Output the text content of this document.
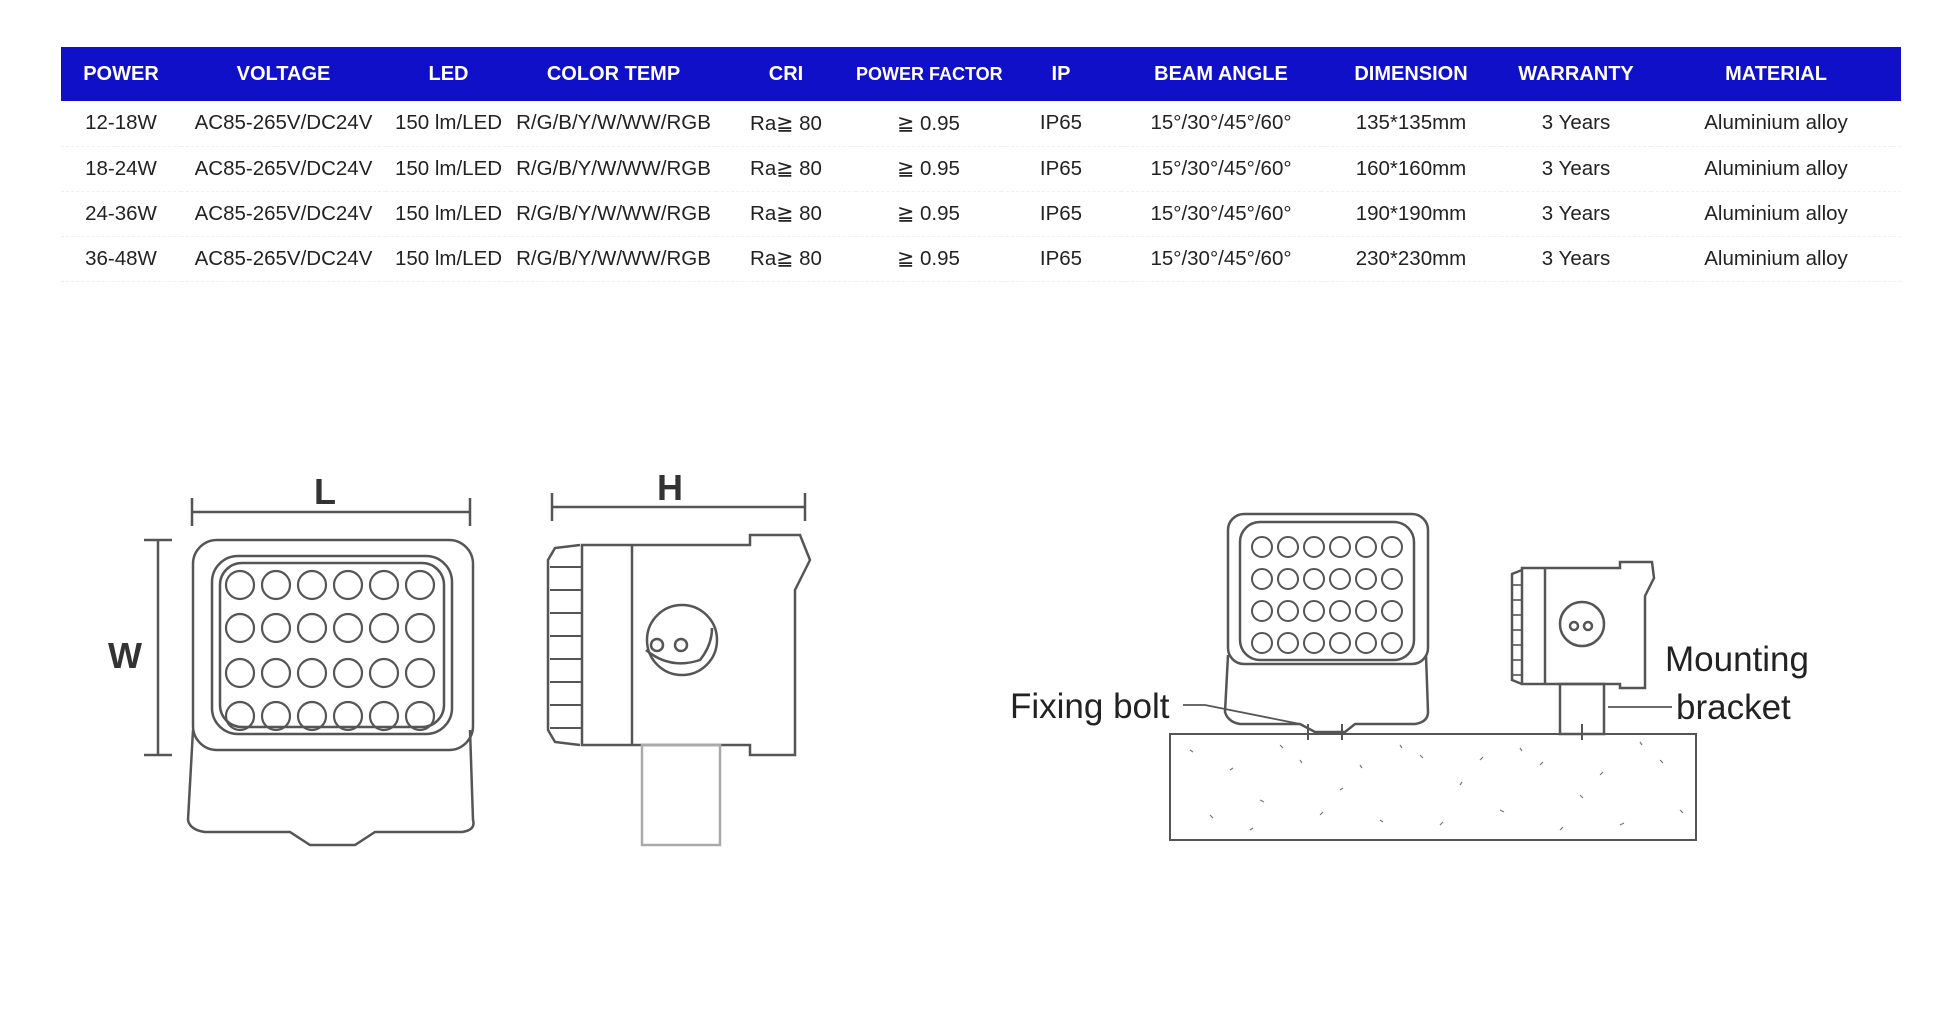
POWER	VOLTAGE	LED	COLOR TEMP	CRI	POWER FACTOR	IP	BEAM ANGLE	DIMENSION	WARRANTY	MATERIAL
12-18W	AC85-265V/DC24V	150 lm/LED	R/G/B/Y/W/WW/RGB	Ra≧ 80	≧ 0.95	IP65	15°/30°/45°/60°	135*135mm	3 Years	Aluminium alloy
18-24W	AC85-265V/DC24V	150 lm/LED	R/G/B/Y/W/WW/RGB	Ra≧ 80	≧ 0.95	IP65	15°/30°/45°/60°	160*160mm	3 Years	Aluminium alloy
24-36W	AC85-265V/DC24V	150 lm/LED	R/G/B/Y/W/WW/RGB	Ra≧ 80	≧ 0.95	IP65	15°/30°/45°/60°	190*190mm	3 Years	Aluminium alloy
36-48W	AC85-265V/DC24V	150 lm/LED	R/G/B/Y/W/WW/RGB	Ra≧ 80	≧ 0.95	IP65	15°/30°/45°/60°	230*230mm	3 Years	Aluminium alloy
L
W
H
Fixing bolt
Mounting
bracket
